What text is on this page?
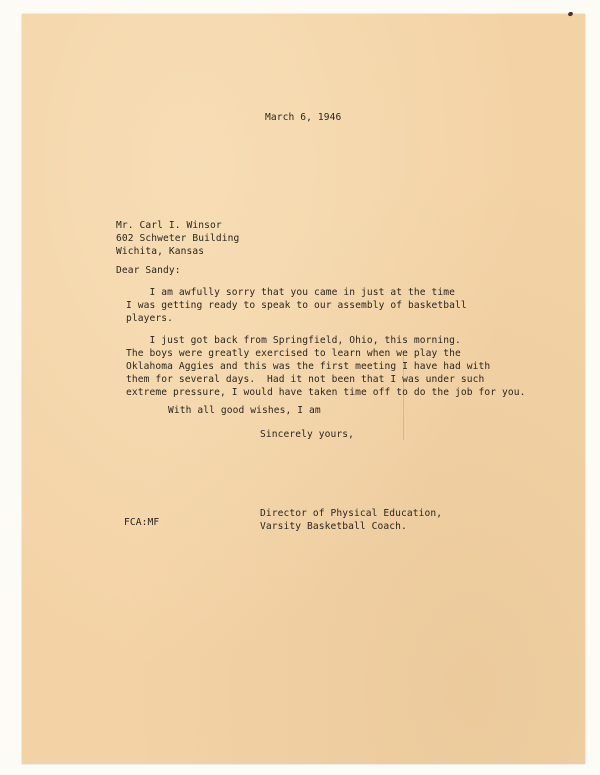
March 6, 1946

Mr. Carl I. Winsor

602 Schweter Building

Wichita, Kansas

Dear Sandy:

I am awfully sorry that you came in just at the time

I was getting ready to speak to our assembly of basketball

players.

I just got back from Springfield, Ohio, this morning.

The boys were greatly exercised to learn when we play the

Oklahoma Aggies and this was the first meeting I have had with

them for several days.  Had it not been that I was under such

extreme pressure, I would have taken time off to do the job for you.

With all good wishes, I am

Sincerely yours,

Director of Physical Education,

Varsity Basketball Coach.

FCA:MF
